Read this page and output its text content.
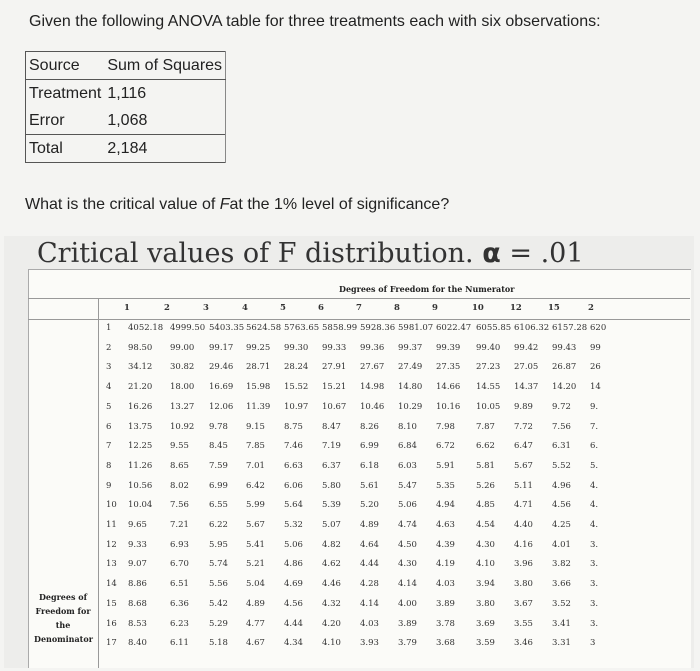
Given the following ANOVA table for three treatments each with six observations:
Source	Sum of Squares
Treatment	1,116
Error	1,068
Total	2,184
What is the critical value of Fat the 1% level of significance?
Critical values of F distribution. α = .01
Degrees of Freedom for the Numerator
1	2	3	4	5	6	7	8	9	10	12	15	2
1 4052.18 4999.50 5403.35 5624.58 5763.65 5858.99 5928.36 5981.07 6022.47 6055.85 6106.32 6157.28 620
2 98.50 99.00 99.17 99.25 99.30 99.33 99.36 99.37 99.39 99.40 99.42 99.43 99
3 34.12 30.82 29.46 28.71 28.24 27.91 27.67 27.49 27.35 27.23 27.05 26.87 26
4 21.20 18.00 16.69 15.98 15.52 15.21 14.98 14.80 14.66 14.55 14.37 14.20 14
5 16.26 13.27 12.06 11.39 10.97 10.67 10.46 10.29 10.16 10.05 9.89 9.72 9.
6 13.75 10.92 9.78 9.15 8.75 8.47 8.26 8.10 7.98 7.87 7.72 7.56 7.
7 12.25 9.55 8.45 7.85 7.46 7.19 6.99 6.84 6.72 6.62 6.47 6.31 6.
8 11.26 8.65 7.59 7.01 6.63 6.37 6.18 6.03 5.91 5.81 5.67 5.52 5.
9 10.56 8.02 6.99 6.42 6.06 5.80 5.61 5.47 5.35 5.26 5.11 4.96 4.
10 10.04 7.56 6.55 5.99 5.64 5.39 5.20 5.06 4.94 4.85 4.71 4.56 4.
11 9.65	7.21 6.22 5.67 5.32 5.07 4.89 4.74 4.63 4.54 4.40 4.25 4.
12 9.33	6.93 5.95 5.41 5.06 4.82 4.64 4.50 4.39 4.30 4.16 4.01 3.
13 9.07	6.70 5.74 5.21 4.86 4.62 4.44 4.30 4.19 4.10 3.96 3.82 3.
14 8.86	6.51 5.56 5.04 4.69 4.46 4.28 4.14 4.03 3.94 3.80 3.66 3.
15 8.68	6.36 5.42 4.89 4.56 4.32 4.14 4.00 3.89 3.80 3.67 3.52 3.
16 8.53	6.23 5.29 4.77 4.44 4.20 4.03 3.89 3.78 3.69 3.55 3.41 3.
17 8.40	6.11 5.18 4.67 4.34 4.10 3.93 3.79 3.68 3.59 3.46 3.31 3
Degrees of
Freedom for
the
Denominator
